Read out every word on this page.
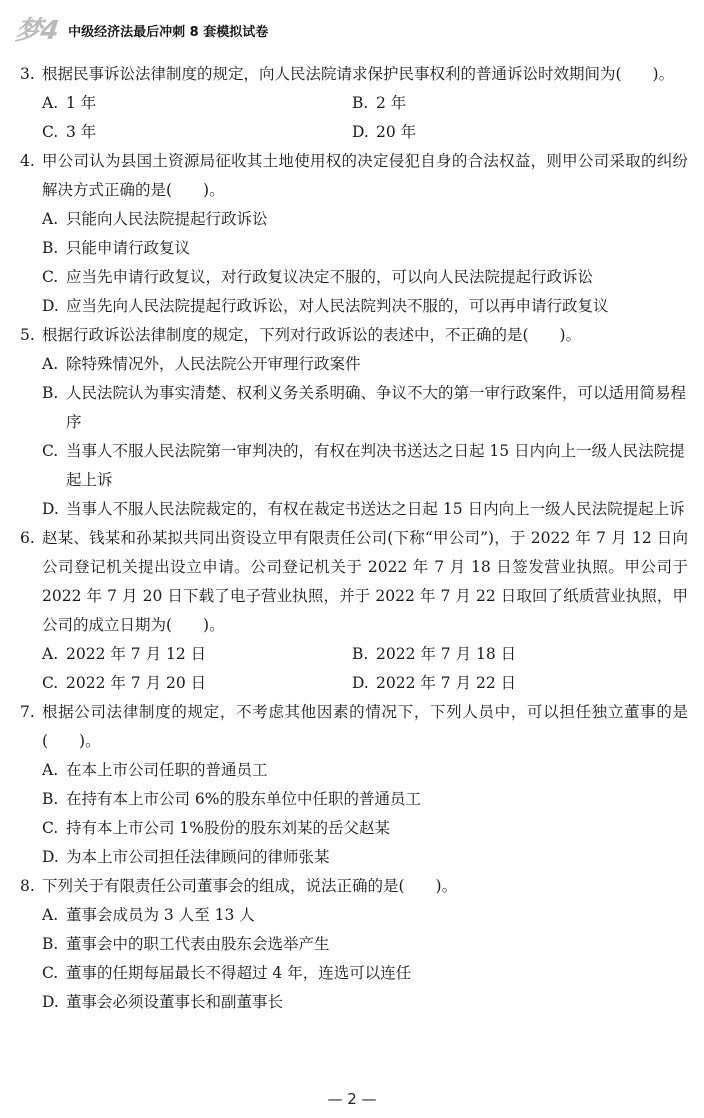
梦4 中级经济法最后冲刺 8 套模拟试卷
3. 根据民事诉讼法律制度的规定，向人民法院请求保护民事权利的普通诉讼时效期间为(　　)。
A. 1 年	B. 2 年
C. 3 年	D. 20 年
4. 甲公司认为县国土资源局征收其土地使用权的决定侵犯自身的合法权益，则甲公司采取的纠纷解决方式正确的是(　　)。
A. 只能向人民法院提起行政诉讼
B. 只能申请行政复议
C. 应当先申请行政复议，对行政复议决定不服的，可以向人民法院提起行政诉讼
D. 应当先向人民法院提起行政诉讼，对人民法院判决不服的，可以再申请行政复议
5. 根据行政诉讼法律制度的规定，下列对行政诉讼的表述中，不正确的是(　　)。
A. 除特殊情况外，人民法院公开审理行政案件
B. 人民法院认为事实清楚、权利义务关系明确、争议不大的第一审行政案件，可以适用简易程序
C. 当事人不服人民法院第一审判决的，有权在判决书送达之日起 15 日内向上一级人民法院提起上诉
D. 当事人不服人民法院裁定的，有权在裁定书送达之日起 15 日内向上一级人民法院提起上诉
6. 赵某、钱某和孙某拟共同出资设立甲有限责任公司(下称“甲公司”)，于 2022 年 7 月 12 日向公司登记机关提出设立申请。公司登记机关于 2022 年 7 月 18 日签发营业执照。甲公司于 2022 年 7 月 20 日下载了电子营业执照，并于 2022 年 7 月 22 日取回了纸质营业执照，甲公司的成立日期为(　　)。
A. 2022 年 7 月 12 日	B. 2022 年 7 月 18 日
C. 2022 年 7 月 20 日	D. 2022 年 7 月 22 日
7. 根据公司法律制度的规定，不考虑其他因素的情况下，下列人员中，可以担任独立董事的是(　　)。
A. 在本上市公司任职的普通员工
B. 在持有本上市公司 6%的股东单位中任职的普通员工
C. 持有本上市公司 1%股份的股东刘某的岳父赵某
D. 为本上市公司担任法律顾问的律师张某
8. 下列关于有限责任公司董事会的组成，说法正确的是(　　)。
A. 董事会成员为 3 人至 13 人
B. 董事会中的职工代表由股东会选举产生
C. 董事的任期每届最长不得超过 4 年，连选可以连任
D. 董事会必须设董事长和副董事长
— 2 —
